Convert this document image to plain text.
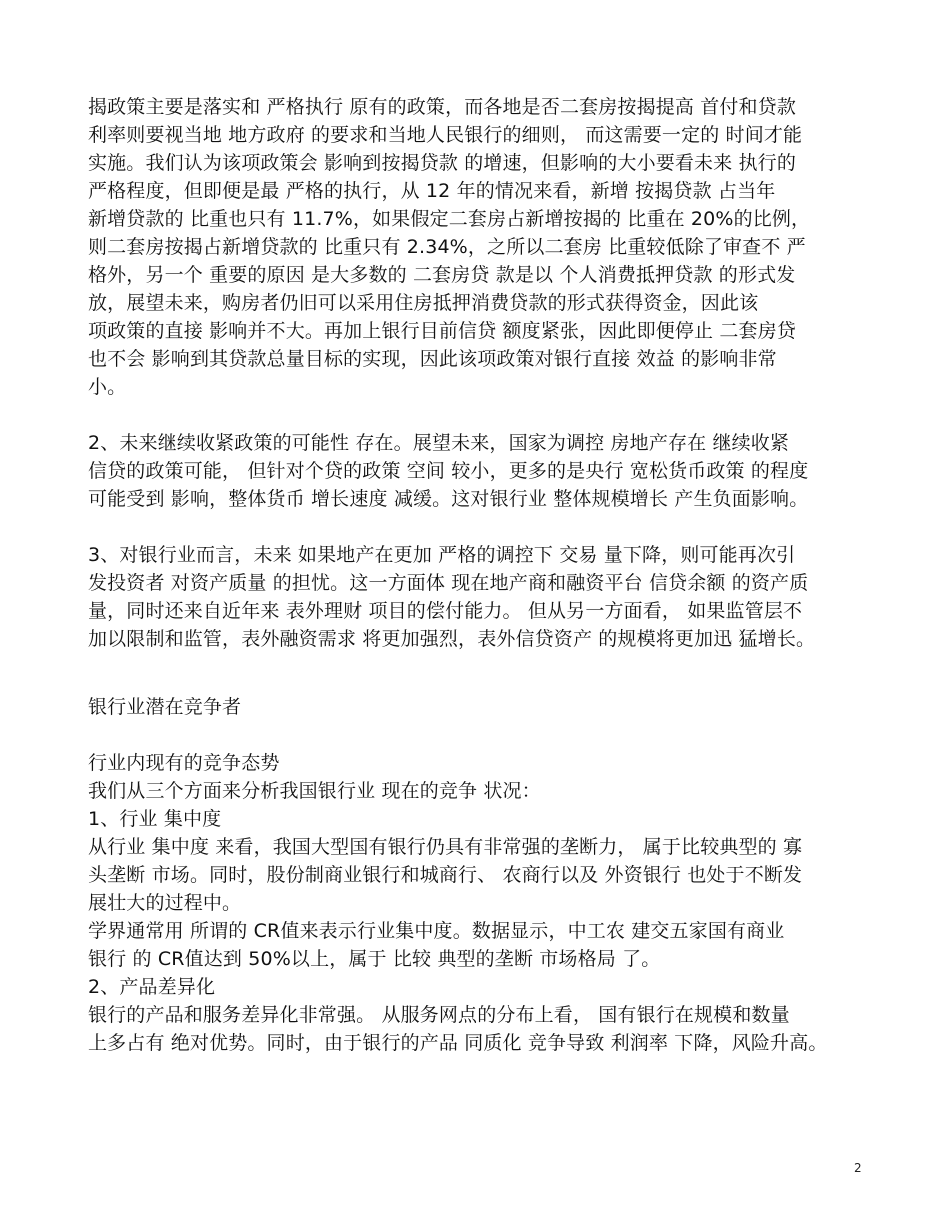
揭政策主要是落实和 严格执行 原有的政策，而各地是否二套房按揭提高 首付和贷款
利率则要视当地 地方政府 的要求和当地人民银行的细则， 而这需要一定的 时间才能
实施。我们认为该项政策会 影响到按揭贷款 的增速，但影响的大小要看未来 执行的
严格程度，但即便是最 严格的执行，从 12 年的情况来看，新增 按揭贷款 占当年
新增贷款的 比重也只有 11.7%，如果假定二套房占新增按揭的 比重在 20%的比例，
则二套房按揭占新增贷款的 比重只有 2.34%，之所以二套房 比重较低除了审查不 严
格外，另一个 重要的原因 是大多数的 二套房贷 款是以 个人消费抵押贷款 的形式发
放，展望未来，购房者仍旧可以采用住房抵押消费贷款的形式获得资金，因此该
项政策的直接 影响并不大。再加上银行目前信贷 额度紧张，因此即便停止 二套房贷
也不会 影响到其贷款总量目标的实现，因此该项政策对银行直接 效益 的影响非常
小。
2、未来继续收紧政策的可能性 存在。展望未来，国家为调控 房地产存在 继续收紧
信贷的政策可能， 但针对个贷的政策 空间 较小，更多的是央行 宽松货币政策 的程度
可能受到 影响，整体货币 增长速度 减缓。这对银行业 整体规模增长 产生负面影响。
3、对银行业而言，未来 如果地产在更加 严格的调控下 交易 量下降，则可能再次引
发投资者 对资产质量 的担忧。这一方面体 现在地产商和融资平台 信贷余额 的资产质
量，同时还来自近年来 表外理财 项目的偿付能力。 但从另一方面看， 如果监管层不
加以限制和监管，表外融资需求 将更加强烈，表外信贷资产 的规模将更加迅 猛增长。
银行业潜在竞争者
行业内现有的竞争态势
我们从三个方面来分析我国银行业 现在的竞争 状况：
1、行业 集中度
从行业 集中度 来看，我国大型国有银行仍具有非常强的垄断力， 属于比较典型的 寡
头垄断 市场。同时，股份制商业银行和城商行、 农商行以及 外资银行 也处于不断发
展壮大的过程中。
学界通常用 所谓的 CR值来表示行业集中度。数据显示，中工农 建交五家国有商业
银行 的 CR值达到 50%以上，属于 比较 典型的垄断 市场格局 了。
2、产品差异化
银行的产品和服务差异化非常强。 从服务网点的分布上看， 国有银行在规模和数量
上多占有 绝对优势。同时，由于银行的产品 同质化 竞争导致 利润率 下降，风险升高。
2
